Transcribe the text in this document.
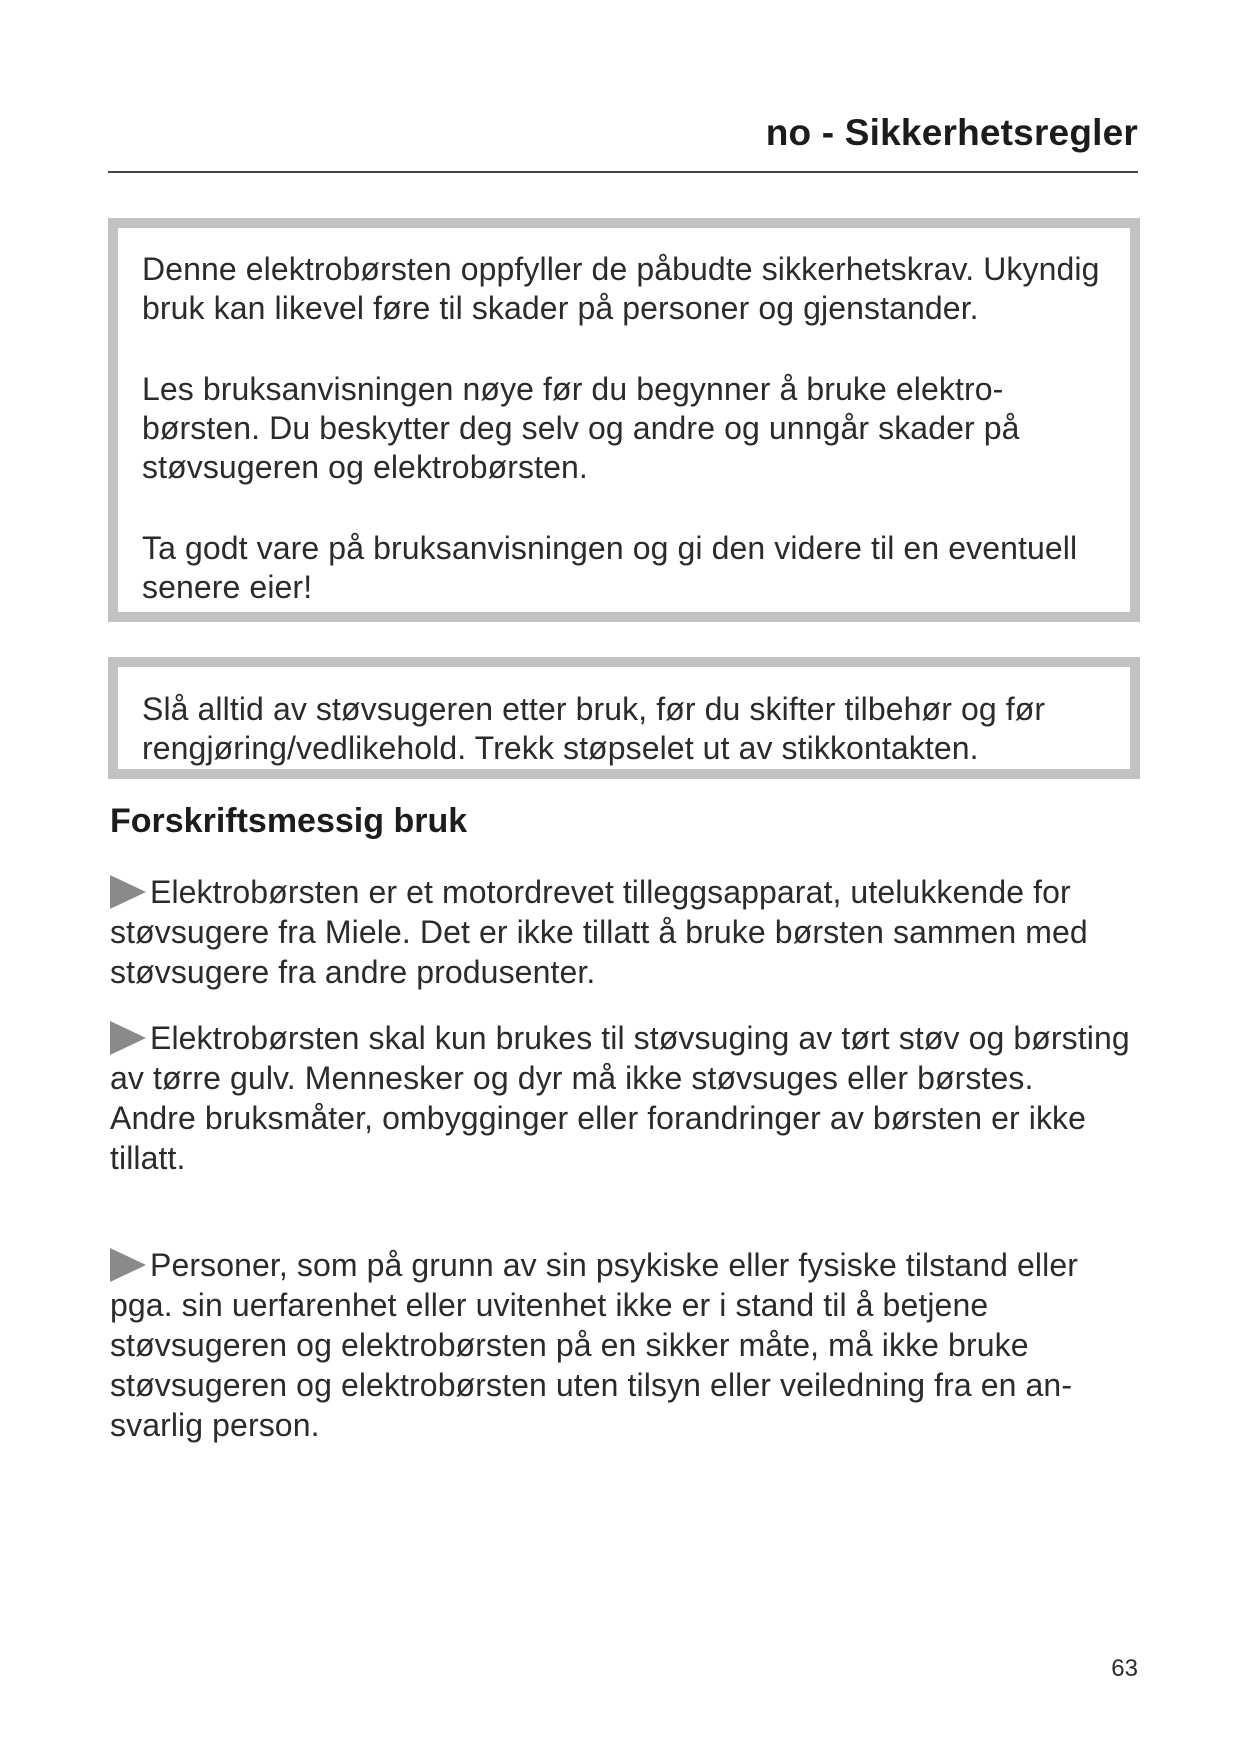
no - Sikkerhetsregler

Denne elektrobørsten oppfyller de påbudte sikkerhetskrav. Ukyndig bruk kan likevel føre til skader på personer og gjenstander.

Les bruksanvisningen nøye før du begynner å bruke elektro-børsten. Du beskytter deg selv og andre og unngår skader på støvsugeren og elektrobørsten.

Ta godt vare på bruksanvisningen og gi den videre til en eventuell senere eier!

Slå alltid av støvsugeren etter bruk, før du skifter tilbehør og før rengjøring/vedlikehold. Trekk støpselet ut av stikkontakten.

Forskriftsmessig bruk
Elektrobørsten er et motordrevet tilleggsapparat, utelukkende for støvsugere fra Miele. Det er ikke tillatt å bruke børsten sammen med støvsugere fra andre produsenter.
Elektrobørsten skal kun brukes til støvsuging av tørt støv og børsting av tørre gulv. Mennesker og dyr må ikke støvsuges eller børstes.
Andre bruksmåter, ombygginger eller forandringer av børsten er ikke tillatt.
Personer, som på grunn av sin psykiske eller fysiske tilstand eller pga. sin uerfarenhet eller uvitenhet ikke er i stand til å betjene støvsugeren og elektrobørsten på en sikker måte, må ikke bruke støvsugeren og elektrobørsten uten tilsyn eller veiledning fra en an-svarlig person.
63
